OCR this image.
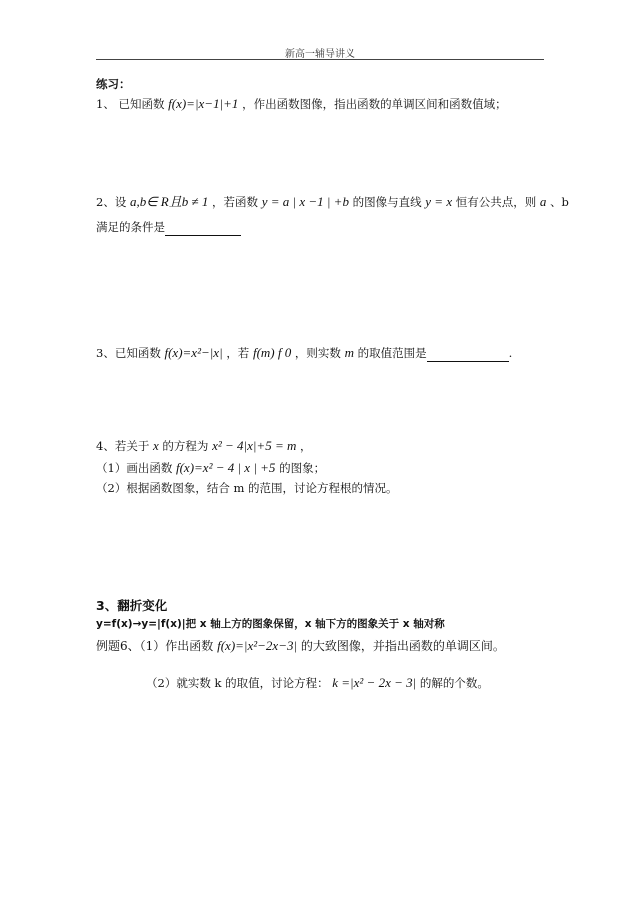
新高一辅导讲义
练习：
1、 已知函数 f(x)=|x−1|+1 ，作出函数图像，指出函数的单调区间和函数值域；
2、设 a,b∈ R且b ≠ 1 ，若函数 y = a | x −1 | +b 的图像与直线 y = x 恒有公共点，则 a 、b
满足的条件是
3、已知函数 f(x)=x²−|x| ，若 f(m) f 0 ，则实数 m 的取值范围是	.
4、若关于 x 的方程为 x² − 4|x|+5 = m ，
（1）画出函数 f(x)=x² − 4 | x | +5 的图象；
（2）根据函数图象，结合 m 的范围，讨论方程根的情况。
3、翻折变化
y=f(x)→y=|f(x)|把 x 轴上方的图象保留，x 轴下方的图象关于 x 轴对称
例题6、（1）作出函数 f(x)=|x²−2x−3| 的大致图像，并指出函数的单调区间。
（2）就实数 k 的取值，讨论方程： k =|x² − 2x − 3| 的解的个数。
